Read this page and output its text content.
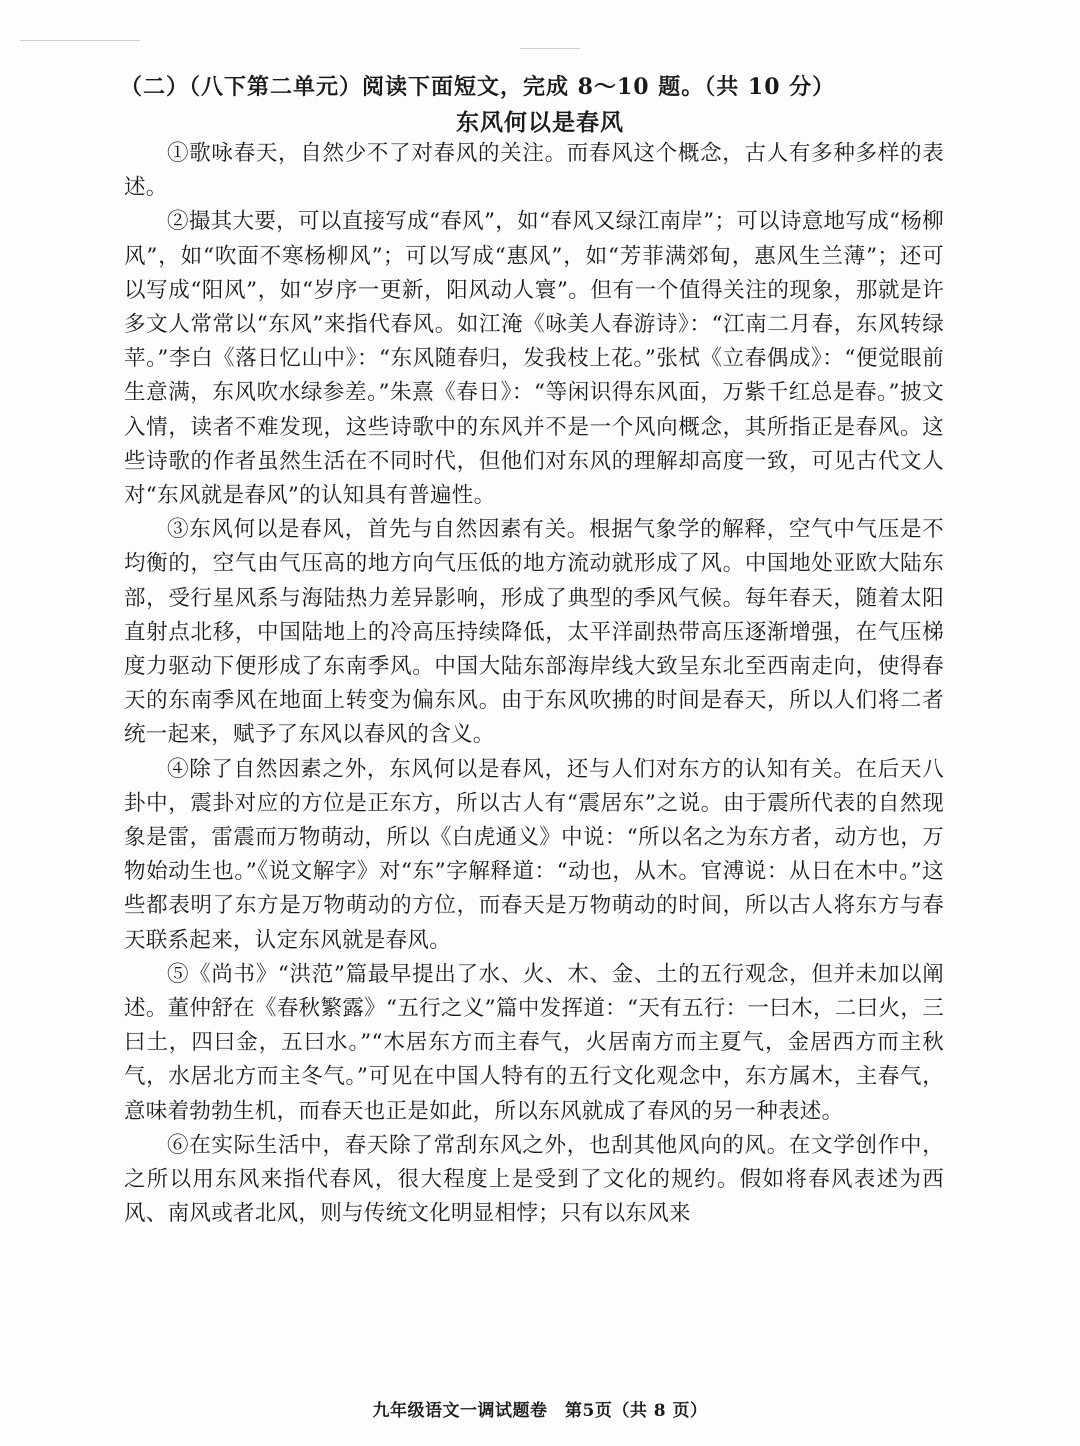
（二）（八下第二单元）阅读下面短文，完成 8～10 题。（共 10 分）
东风何以是春风

①歌咏春天，自然少不了对春风的关注。而春风这个概念，古人有多种多样的表述。

②撮其大要，可以直接写成“春风”，如“春风又绿江南岸”；可以诗意地写成“杨柳风”，如“吹面不寒杨柳风”；可以写成“惠风”，如“芳菲满郊甸，惠风生兰薄”；还可以写成“阳风”，如“岁序一更新，阳风动人寰”。但有一个值得关注的现象，那就是许多文人常常以“东风”来指代春风。如江淹《咏美人春游诗》：“江南二月春，东风转绿苹。”李白《落日忆山中》：“东风随春归，发我枝上花。”张栻《立春偶成》：“便觉眼前生意满，东风吹水绿参差。”朱熹《春日》：“等闲识得东风面，万紫千红总是春。”披文入情，读者不难发现，这些诗歌中的东风并不是一个风向概念，其所指正是春风。这些诗歌的作者虽然生活在不同时代，但他们对东风的理解却高度一致，可见古代文人对“东风就是春风”的认知具有普遍性。

③东风何以是春风，首先与自然因素有关。根据气象学的解释，空气中气压是不均衡的，空气由气压高的地方向气压低的地方流动就形成了风。中国地处亚欧大陆东部，受行星风系与海陆热力差异影响，形成了典型的季风气候。每年春天，随着太阳直射点北移，中国陆地上的冷高压持续降低，太平洋副热带高压逐渐增强，在气压梯度力驱动下便形成了东南季风。中国大陆东部海岸线大致呈东北至西南走向，使得春天的东南季风在地面上转变为偏东风。由于东风吹拂的时间是春天，所以人们将二者统一起来，赋予了东风以春风的含义。

④除了自然因素之外，东风何以是春风，还与人们对东方的认知有关。在后天八卦中，震卦对应的方位是正东方，所以古人有“震居东”之说。由于震所代表的自然现象是雷，雷震而万物萌动，所以《白虎通义》中说：“所以名之为东方者，动方也，万物始动生也。”《说文解字》对“东”字解释道：“动也，从木。官溥说：从日在木中。”这些都表明了东方是万物萌动的方位，而春天是万物萌动的时间，所以古人将东方与春天联系起来，认定东风就是春风。

⑤《尚书》“洪范”篇最早提出了水、火、木、金、土的五行观念，但并未加以阐述。董仲舒在《春秋繁露》“五行之义”篇中发挥道：“天有五行：一曰木，二曰火，三曰土，四曰金，五曰水。”“木居东方而主春气，火居南方而主夏气，金居西方而主秋气，水居北方而主冬气。”可见在中国人特有的五行文化观念中，东方属木，主春气，意味着勃勃生机，而春天也正是如此，所以东风就成了春风的另一种表述。

⑥在实际生活中，春天除了常刮东风之外，也刮其他风向的风。在文学创作中，之所以用东风来指代春风，很大程度上是受到了文化的规约。假如将春风表述为西风、南风或者北风，则与传统文化明显相悖；只有以东风来

九年级语文一调试题卷　第5页（共 8 页）
